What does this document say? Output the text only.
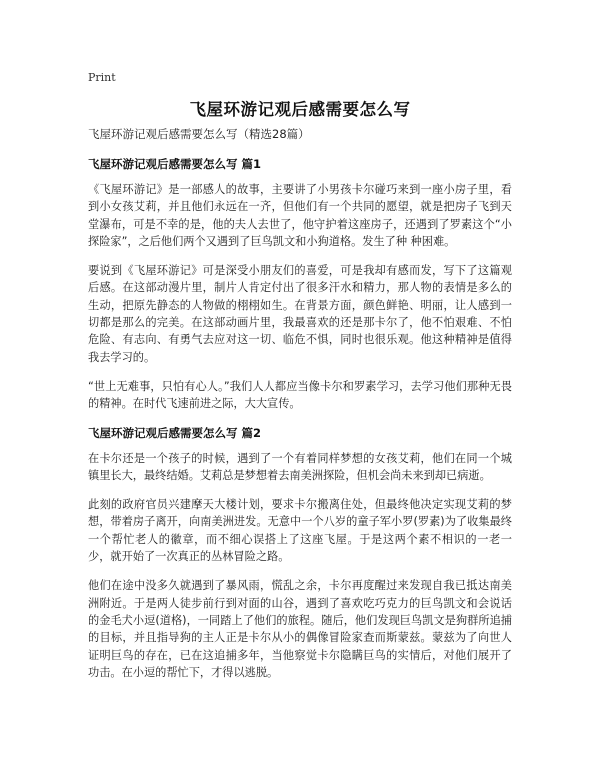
Print
飞屋环游记观后感需要怎么写
飞屋环游记观后感需要怎么写（精选28篇）
飞屋环游记观后感需要怎么写 篇1

《飞屋环游记》是一部感人的故事，主要讲了小男孩卡尔碰巧来到一座小房子里，看到小女孩艾莉，并且他们永远在一齐，但他们有一个共同的愿望，就是把房子飞到天堂瀑布，可是不幸的是，他的夫人去世了，他守护着这座房子，还遇到了罗素这个“小探险家”，之后他们两个又遇到了巨鸟凯文和小狗道格。发生了种 种困难。

要说到《飞屋环游记》可是深受小朋友们的喜爱，可是我却有感而发，写下了这篇观后感。在这部动漫片里，制片人肯定付出了很多汗水和精力，那人物的表情是多么的生动，把原先静态的人物做的栩栩如生。在背景方面，颜色鲜艳、明丽，让人感到一切都是那么的完美。在这部动画片里，我最喜欢的还是那卡尔了，他不怕艰难、不怕危险、有志向、有勇气去应对这一切、临危不惧，同时也很乐观。他这种精神是值得我去学习的。

“世上无难事，只怕有心人。”我们人人都应当像卡尔和罗素学习，去学习他们那种无畏的精神。在时代飞速前进之际，大大宣传。

飞屋环游记观后感需要怎么写 篇2

在卡尔还是一个孩子的时候，遇到了一个有着同样梦想的女孩艾莉，他们在同一个城镇里长大，最终结婚。艾莉总是梦想着去南美洲探险，但机会尚未来到却已病逝。

此刻的政府官员兴建摩天大楼计划，要求卡尔搬离住处，但最终他决定实现艾莉的梦想，带着房子离开，向南美洲进发。无意中一个八岁的童子军小罗(罗素)为了收集最终一个帮忙老人的徽章，而不细心误搭上了这座飞屋。于是这两个素不相识的一老一少，就开始了一次真正的丛林冒险之路。

他们在途中没多久就遇到了暴风雨，慌乱之余，卡尔再度醒过来发现自我已抵达南美洲附近。于是两人徒步前行到对面的山谷，遇到了喜欢吃巧克力的巨鸟凯文和会说话的金毛犬小逗(道格)，一同踏上了他们的旅程。随后，他们发现巨鸟凯文是狗群所追捕的目标，并且指导狗的主人正是卡尔从小的偶像冒险家查而斯蒙兹。蒙兹为了向世人证明巨鸟的存在，已在这追捕多年，当他察觉卡尔隐瞒巨鸟的实情后，对他们展开了功击。在小逗的帮忙下，才得以逃脱。
